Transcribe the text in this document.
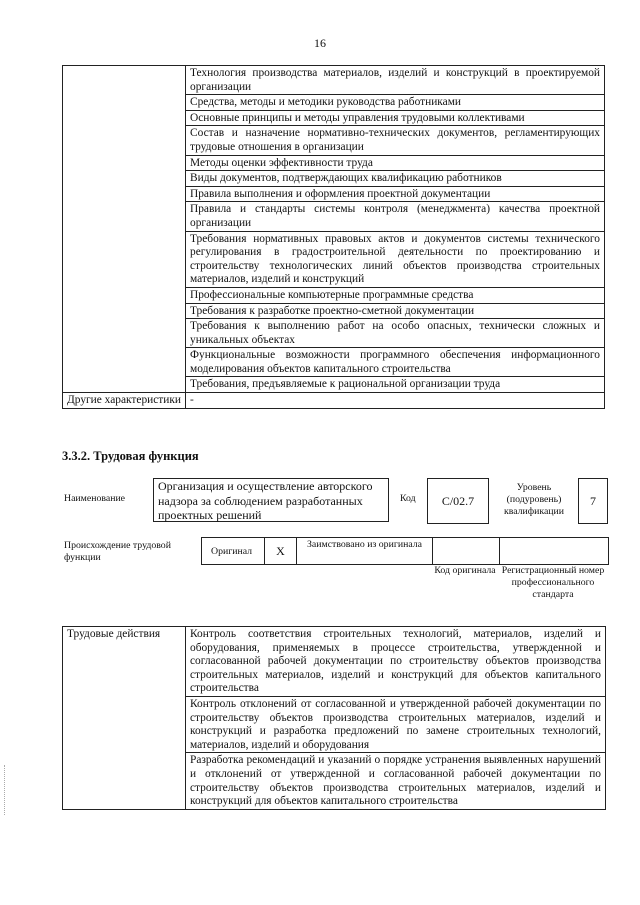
16
	Технология производства материалов, изделий и конструкций в проектируемой организации
	Средства, методы и методики руководства работниками
	Основные принципы и методы управления трудовыми коллективами
	Состав и назначение нормативно-технических документов, регламентирующих трудовые отношения в организации
	Методы оценки эффективности труда
	Виды документов, подтверждающих квалификацию работников
	Правила выполнения и оформления проектной документации
	Правила и стандарты системы контроля (менеджмента) качества проектной организации
	Требования нормативных правовых актов и документов системы технического регулирования в градостроительной деятельности по проектированию и строительству технологических линий объектов производства строительных материалов, изделий и конструкций
	Профессиональные компьютерные программные средства
	Требования к разработке проектно-сметной документации
	Требования к выполнению работ на особо опасных, технически сложных и уникальных объектах
	Функциональные возможности программного обеспечения информационного моделирования объектов капитального строительства
	Требования, предъявляемые к рациональной организации труда
Другие характеристики	-
3.3.2. Трудовая функция
Наименование
Организация и осуществление авторского надзора за соблюдением разработанных проектных решений
Код	С/02.7
Уровень (подуровень) квалификации
7
Происхождение трудовой функции
Оригинал	X	Заимствовано из оригинала
Код оригинала Регистрационный номер профессионального стандарта
Трудовые действия	Контроль соответствия строительных технологий, материалов, изделий и оборудования, применяемых в процессе строительства, утвержденной и согласованной рабочей документации по строительству объектов производства строительных материалов, изделий и конструкций для объектов капитального строительства
Контроль отклонений от согласованной и утвержденной рабочей документации по строительству объектов производства строительных материалов, изделий и конструкций и разработка предложений по замене строительных технологий, материалов, изделий и оборудования
Разработка рекомендаций и указаний о порядке устранения выявленных нарушений и отклонений от утвержденной и согласованной рабочей документации по строительству объектов производства строительных материалов, изделий и конструкций для объектов капитального строительства
